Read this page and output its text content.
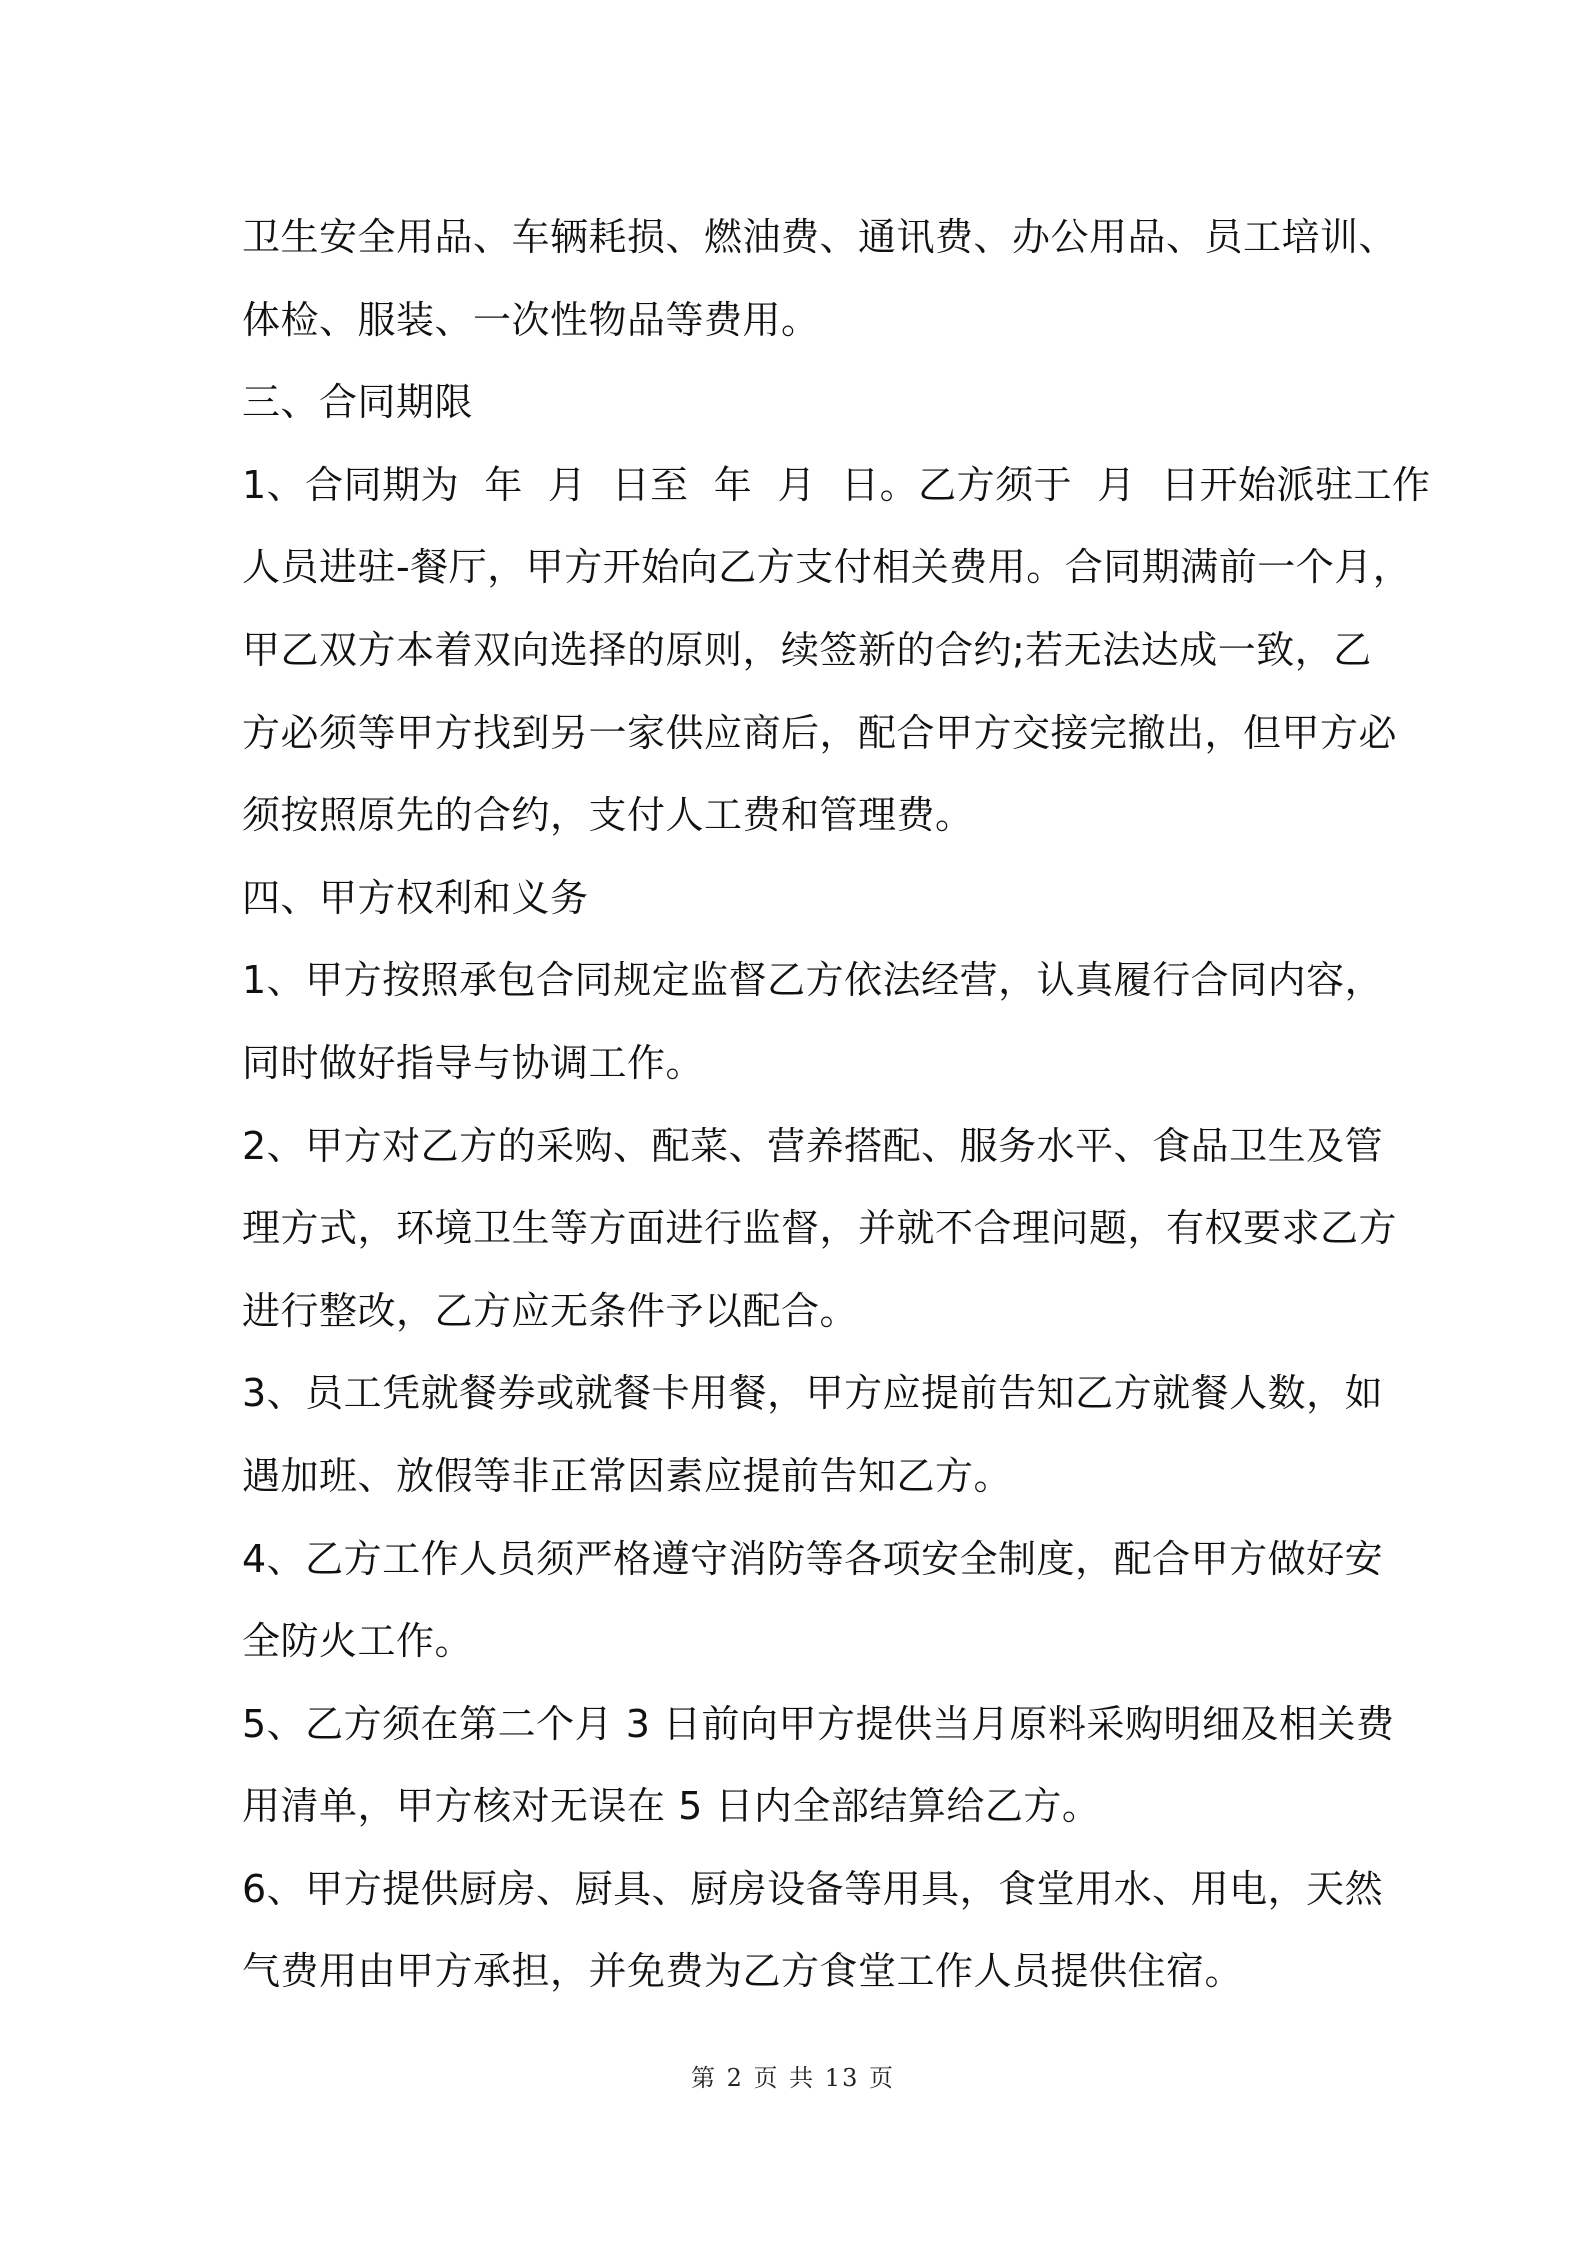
卫生安全用品、车辆耗损、燃油费、通讯费、办公用品、员工培训、

体检、服装、一次性物品等费用。

三、合同期限

1、合同期为  年  月  日至  年  月  日。乙方须于  月  日开始派驻工作

人员进驻-餐厅，甲方开始向乙方支付相关费用。合同期满前一个月，

甲乙双方本着双向选择的原则，续签新的合约;若无法达成一致，乙

方必须等甲方找到另一家供应商后，配合甲方交接完撤出，但甲方必

须按照原先的合约，支付人工费和管理费。

四、甲方权利和义务

1、甲方按照承包合同规定监督乙方依法经营，认真履行合同内容，

同时做好指导与协调工作。

2、甲方对乙方的采购、配菜、营养搭配、服务水平、食品卫生及管

理方式，环境卫生等方面进行监督，并就不合理问题，有权要求乙方

进行整改，乙方应无条件予以配合。

3、员工凭就餐券或就餐卡用餐，甲方应提前告知乙方就餐人数，如

遇加班、放假等非正常因素应提前告知乙方。

4、乙方工作人员须严格遵守消防等各项安全制度，配合甲方做好安

全防火工作。

5、乙方须在第二个月 3 日前向甲方提供当月原料采购明细及相关费

用清单，甲方核对无误在 5 日内全部结算给乙方。

6、甲方提供厨房、厨具、厨房设备等用具，食堂用水、用电，天然

气费用由甲方承担，并免费为乙方食堂工作人员提供住宿。

第 2 页 共 13 页
